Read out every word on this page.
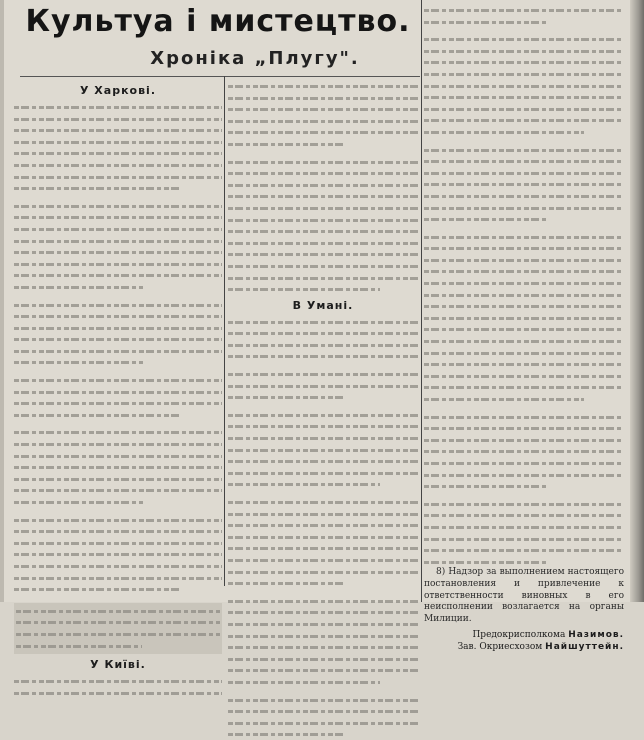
Культуа і мистецтво.
Хроніка „Плугу".
У Харкові.
У Київі.
В Умані.

8) Надзор за выполнением настоящего постановления и привлечение к ответственности виновных в его неисполнении возлагается на органы Милиции.

Предокрисполкома Назимов.
Зав. Окриесхозом Найшуттейн.
